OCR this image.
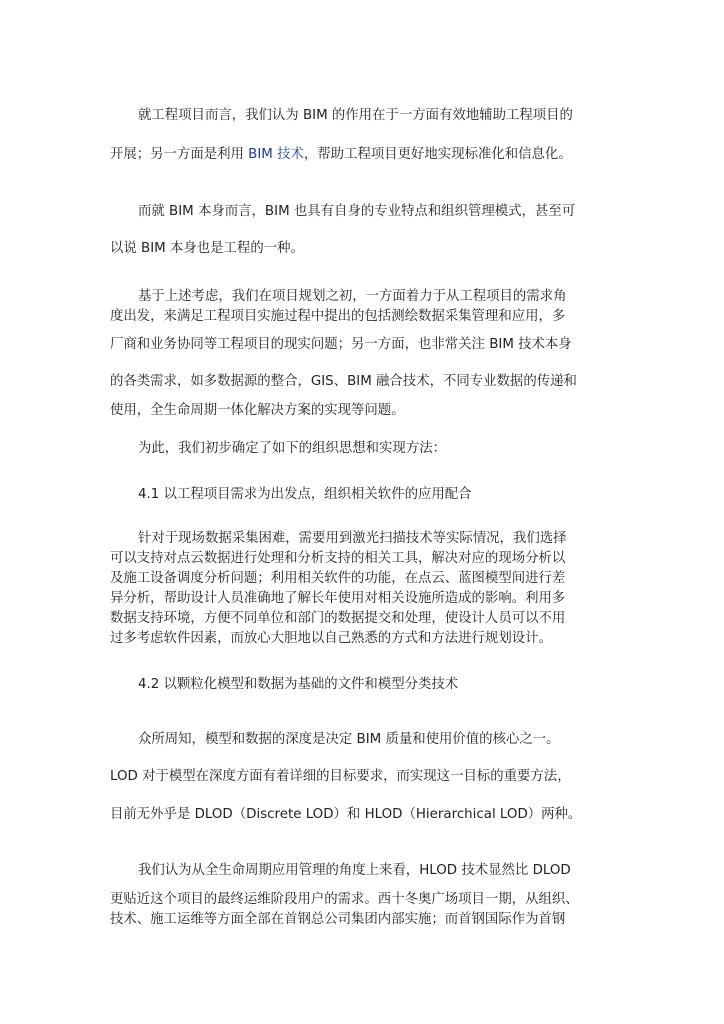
就工程项目而言，我们认为 BIM 的作用在于一方面有效地辅助工程项目的

开展；另一方面是利用 BIM 技术，帮助工程项目更好地实现标准化和信息化。

而就 BIM 本身而言，BIM 也具有自身的专业特点和组织管理模式，甚至可

以说 BIM 本身也是工程的一种。

基于上述考虑，我们在项目规划之初，一方面着力于从工程项目的需求角

度出发，来满足工程项目实施过程中提出的包括测绘数据采集管理和应用，多

厂商和业务协同等工程项目的现实问题；另一方面，也非常关注 BIM 技术本身

的各类需求，如多数据源的整合，GIS、BIM 融合技术，不同专业数据的传递和

使用，全生命周期一体化解决方案的实现等问题。

为此，我们初步确定了如下的组织思想和实现方法：

4.1 以工程项目需求为出发点，组织相关软件的应用配合

针对于现场数据采集困难，需要用到激光扫描技术等实际情况，我们选择

可以支持对点云数据进行处理和分析支持的相关工具，解决对应的现场分析以

及施工设备调度分析问题；利用相关软件的功能，在点云、蓝图模型间进行差

异分析，帮助设计人员准确地了解长年使用对相关设施所造成的影响。利用多

数据支持环境，方便不同单位和部门的数据提交和处理，使设计人员可以不用

过多考虑软件因素，而放心大胆地以自己熟悉的方式和方法进行规划设计。

4.2 以颗粒化模型和数据为基础的文件和模型分类技术

众所周知，模型和数据的深度是决定 BIM 质量和使用价值的核心之一。

LOD 对于模型在深度方面有着详细的目标要求，而实现这一目标的重要方法，

目前无外乎是 DLOD（Discrete LOD）和 HLOD（Hierarchical LOD）两种。

我们认为从全生命周期应用管理的角度上来看，HLOD 技术显然比 DLOD

更贴近这个项目的最终运维阶段用户的需求。西十冬奥广场项目一期，从组织、

技术、施工运维等方面全部在首钢总公司集团内部实施；而首钢国际作为首钢
